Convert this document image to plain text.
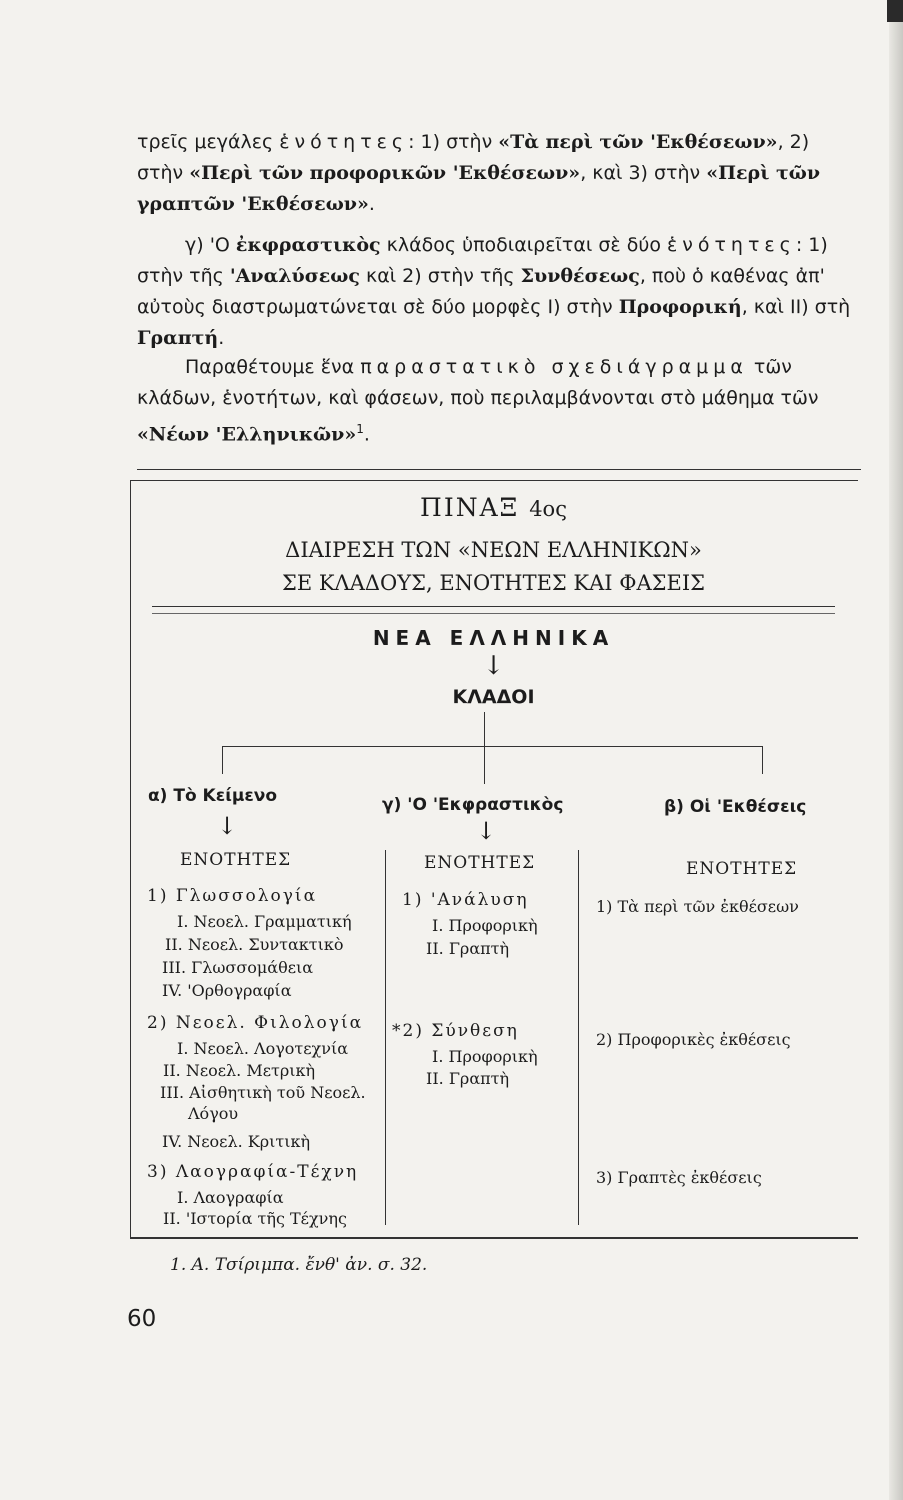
τρεῖς μεγάλες ἑνότητες: 1) στὴν «Τὰ περὶ τῶν 'Εκθέσεων», 2) στὴν «Περὶ τῶν προφορικῶν 'Εκθέσεων», καὶ 3) στὴν «Περὶ τῶν γραπτῶν 'Εκθέσεων».

γ) 'Ο ἐκφραστικὸς κλάδος ὑποδιαιρεῖται σὲ δύο ἑνότητες: 1) στὴν τῆς 'Αναλύσεως καὶ 2) στὴν τῆς Συνθέσεως, ποὺ ὁ καθένας ἀπ' αὐτοὺς διαστρωματώνεται σὲ δύο μορφὲς Ι) στὴν Προφορική, καὶ ΙΙ) στὴ Γραπτή.

Παραθέτουμε ἕνα παραστατικὸ σχεδιάγραμμα τῶν κλάδων, ἑνοτήτων, καὶ φάσεων, ποὺ περιλαμβάνονται στὸ μάθημα τῶν «Νέων 'Ελληνικῶν»$^1$.

ΠΙΝΑΞ 4ος
ΔΙΑΙΡΕΣΗ ΤΩΝ «ΝΕΩΝ ΕΛΛΗΝΙΚΩΝ»
ΣΕ ΚΛΑΔΟΥΣ, ΕΝΟΤΗΤΕΣ ΚΑΙ ΦΑΣΕΙΣ
ΝΕΑ ΕΛΛΗΝΙΚΑ
↓
ΚΛΑΔΟΙ
α) Τὸ Κείμενο	γ) 'Ο 'Εκφραστικὸς	β) Οἱ 'Εκθέσεις
↓	↓
ΕΝΟΤΗΤΕΣ	ΕΝΟΤΗΤΕΣ	ΕΝΟΤΗΤΕΣ
1) Γλωσσολογία
Ι. Νεοελ. Γραμματική
ΙΙ. Νεοελ. Συντακτικὸ
ΙΙΙ. Γλωσσομάθεια
ΙV. 'Ορθογραφία
2) Νεοελ. Φιλολογία
Ι. Νεοελ. Λογοτεχνία
ΙΙ. Νεοελ. Μετρικὴ
ΙΙΙ. Αἰσθητικὴ τοῦ Νεοελ.
Λόγου
ΙV. Νεοελ. Κριτικὴ
3) Λαογραφία-Τέχνη
Ι. Λαογραφία
ΙΙ. 'Ιστορία τῆς Τέχνης
1) 'Ανάλυση
Ι. Προφορικὴ
ΙΙ. Γραπτὴ
*2) Σύνθεση
Ι. Προφορικὴ
ΙΙ. Γραπτὴ
1) Τὰ περὶ τῶν ἐκθέσεων
2) Προφορικὲς ἐκθέσεις
3) Γραπτὲς ἐκθέσεις
1. Α. Τσίριμπα. ἔνθ' ἀν. σ. 32.
60
